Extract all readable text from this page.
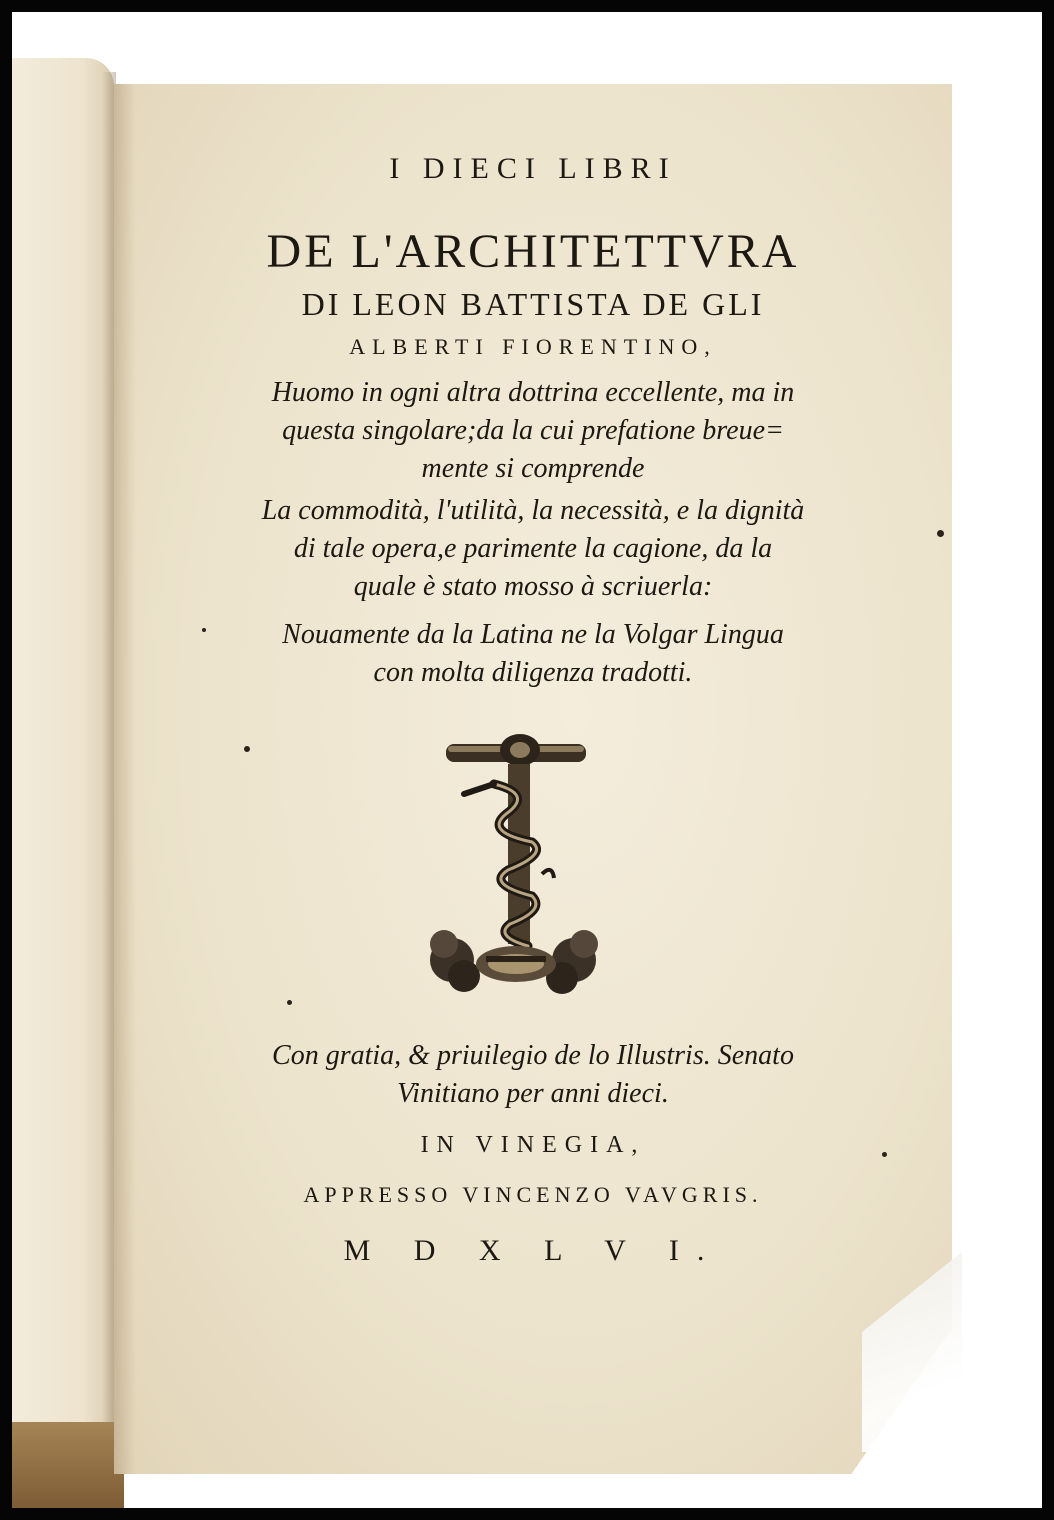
I DIECI LIBRI
DE L'ARCHITETTVRA
DI LEON BATTISTA DE GLI
ALBERTI FIORENTINO,
Huomo in ogni altra dottrina eccellente, ma in
questa singolare;da la cui prefatione breue=
mente si comprende
La commodità, l'utilità, la necessità, e la dignità
di tale opera,e parimente la cagione, da la
quale è stato mosso à scriuerla:
Nouamente da la Latina ne la Volgar Lingua
con molta diligenza tradotti.
Con gratia, & priuilegio de lo Illustris. Senato
Vinitiano per anni dieci.
IN VINEGIA,
APPRESSO VINCENZO VAVGRIS.
M D X L V I.
